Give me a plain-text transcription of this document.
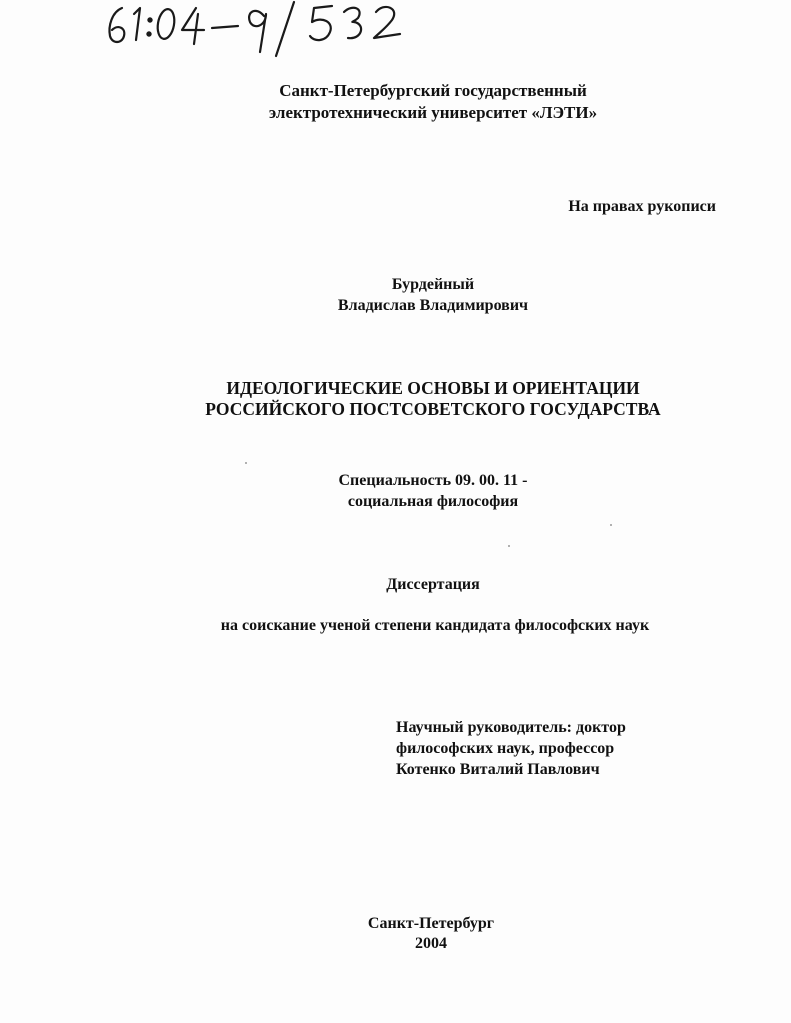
Санкт-Петербургский государственный
электротехнический университет «ЛЭТИ»
На правах рукописи
Бурдейный
Владислав Владимирович
ИДЕОЛОГИЧЕСКИЕ ОСНОВЫ И ОРИЕНТАЦИИ
РОССИЙСКОГО ПОСТСОВЕТСКОГО ГОСУДАРСТВА
Специальность 09. 00. 11 -
социальная философия
Диссертация
на соискание ученой степени кандидата философских наук
Научный руководитель: доктор
философских наук, профессор
Котенко Виталий Павлович
Санкт-Петербург
2004
